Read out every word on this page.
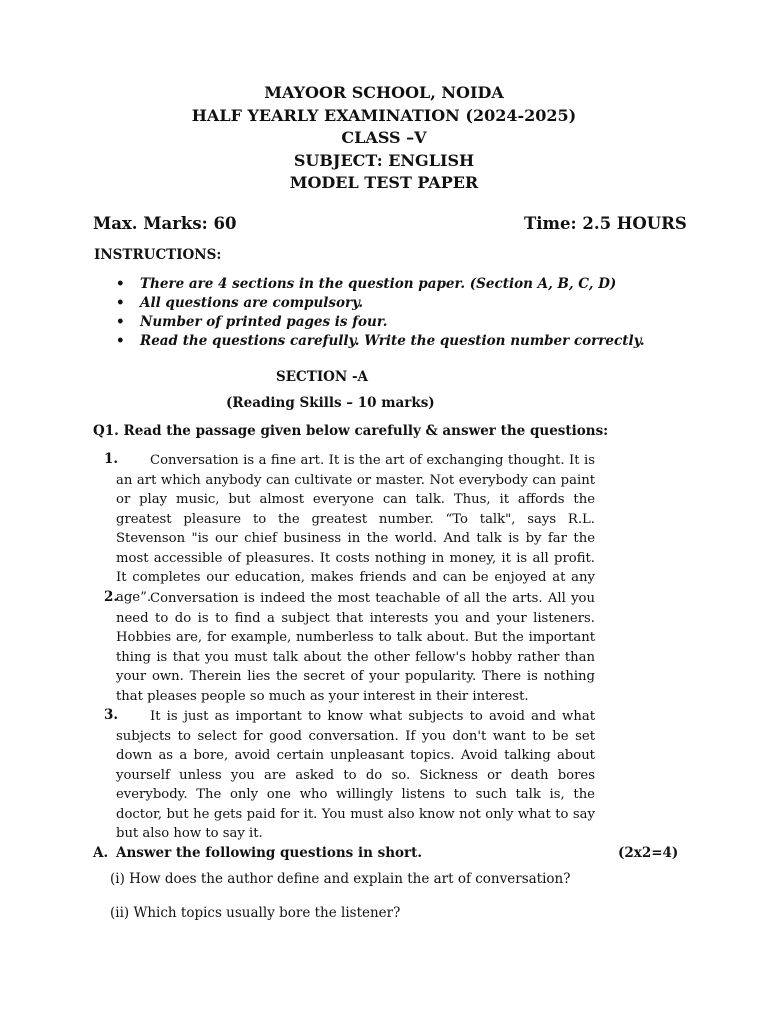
MAYOOR SCHOOL, NOIDA
HALF YEARLY EXAMINATION (2024-2025)
CLASS –V
SUBJECT: ENGLISH
MODEL TEST PAPER
Max. Marks: 60	Time: 2.5 HOURS
INSTRUCTIONS:
• There are 4 sections in the question paper. (Section A, B, C, D)
• All questions are compulsory.
• Number of printed pages is four.
• Read the questions carefully. Write the question number correctly.
SECTION -A
(Reading Skills – 10 marks)
Q1. Read the passage given below carefully & answer the questions:
1.	Conversation is a fine art. It is the art of exchanging thought. It is an art which anybody can cultivate or master. Not everybody can paint or play music, but almost everyone can talk. Thus, it affords the greatest pleasure to the greatest number. “To talk", says R.L. Stevenson "is our chief business in the world. And talk is by far the most accessible of pleasures. It costs nothing in money, it is all profit. It completes our education, makes friends and can be enjoyed at any age”.
2.	Conversation is indeed the most teachable of all the arts. All you need to do is to find a subject that interests you and your listeners. Hobbies are, for example, numberless to talk about. But the important thing is that you must talk about the other fellow's hobby rather than your own. Therein lies the secret of your popularity. There is nothing that pleases people so much as your interest in their interest.
3.	It is just as important to know what subjects to avoid and what subjects to select for good conversation. If you don't want to be set down as a bore, avoid certain unpleasant topics. Avoid talking about yourself unless you are asked to do so. Sickness or death bores everybody. The only one who willingly listens to such talk is, the doctor, but he gets paid for it. You must also know not only what to say but also how to say it.
A. Answer the following questions in short.	(2x2=4)
(i) How does the author define and explain the art of conversation?
(ii) Which topics usually bore the listener?
